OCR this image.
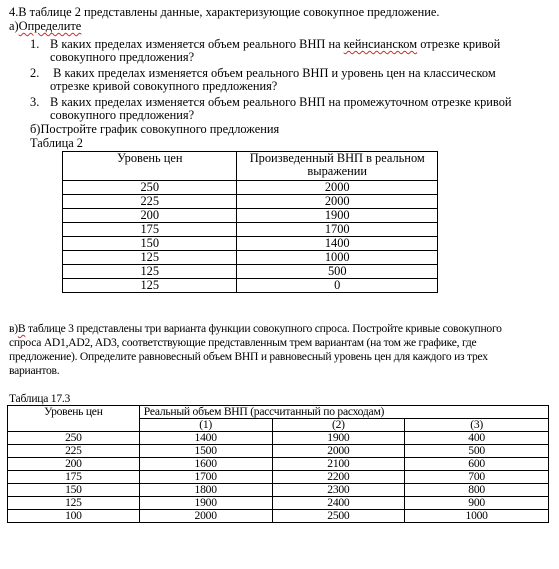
4.В таблице 2 представлены данные, характеризующие совокупное предложение.
а)Определите
1. В каких пределах изменяется объем реального ВНП на кейнсианском отрезке кривой
совокупного предложения?
2. В каких пределах изменяется объем реального ВНП и уровень цен на классическом
отрезке кривой совокупного предложения?
3. В каких пределах изменяется объем реального ВНП на промежуточном отрезке кривой
совокупного предложения?
б)Постройте график совокупного предложения
Таблица 2
Уровень цен	Произведенный ВНП в реальном выражении
250	2000
225	2000
200	1900
175	1700
150	1400
125	1000
125	500
125	0
в)В таблице 3 представлены три варианта функции совокупного спроса. Постройте кривые совокупного
спроса AD1,AD2, AD3, соответствующие представленным трем вариантам (на том же графике, где
предложение). Определите равновесный объем ВНП и равновесный уровень цен для каждого из трех
вариантов.
Таблица 17.3
Уровень цен	Реальный объем ВНП (рассчитанный по расходам)		
	(1)	(2)	(3)
250	1400	1900	400
225	1500	2000	500
200	1600	2100	600
175	1700	2200	700
150	1800	2300	800
125	1900	2400	900
100	2000	2500	1000
